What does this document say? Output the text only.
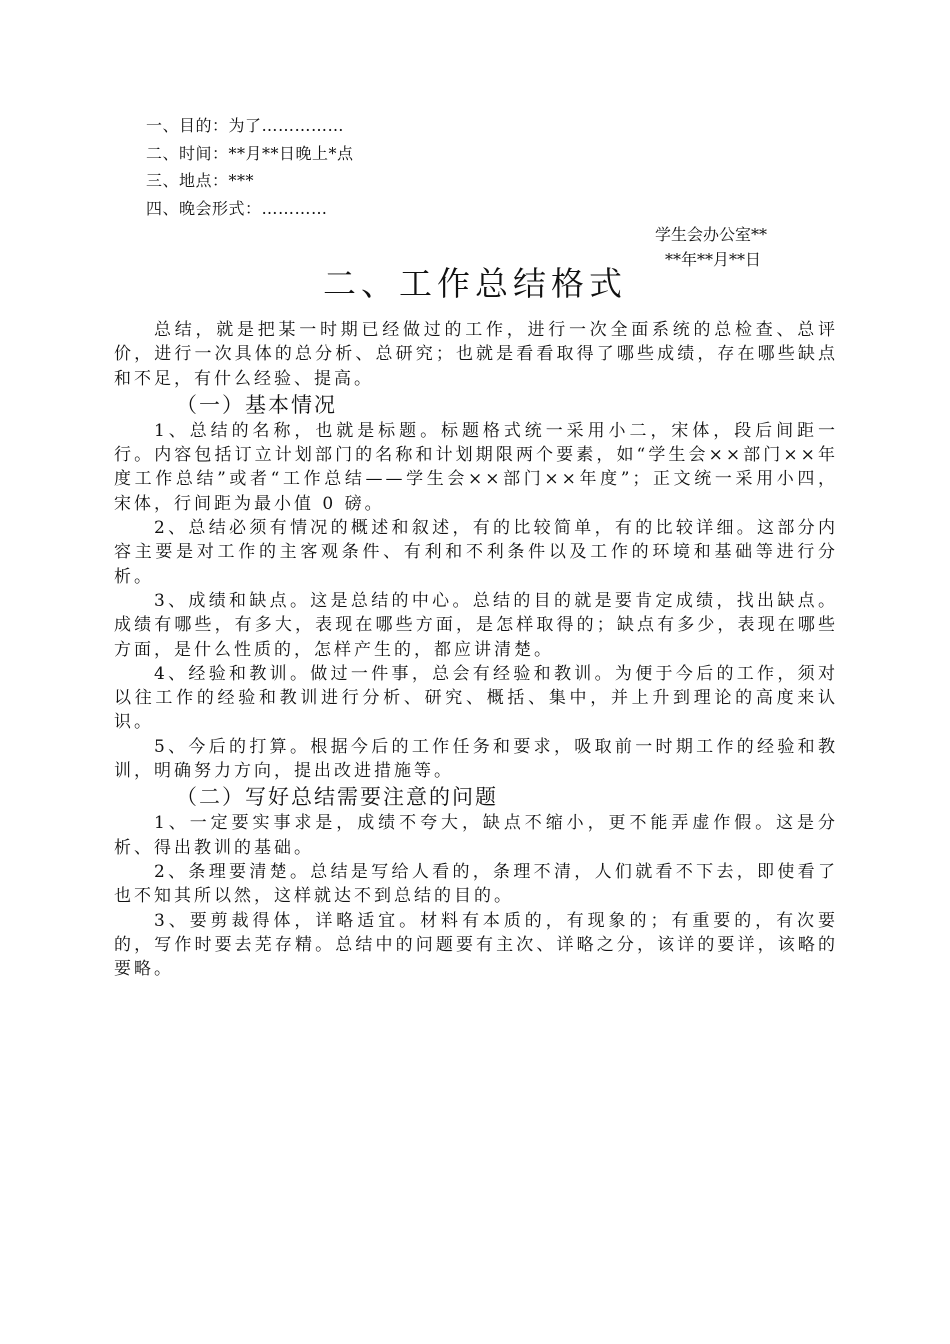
一、目的：为了……………
二、时间：**月**日晚上*点
三、地点：***
四、晚会形式：…………
学生会办公室**
**年**月**日
二、工作总结格式

总结，就是把某一时期已经做过的工作，进行一次全面系统的总检查、总评价，进行一次具体的总分析、总研究；也就是看看取得了哪些成绩，存在哪些缺点和不足，有什么经验、提高。

（一）基本情况

1、总结的名称，也就是标题。标题格式统一采用小二，宋体，段后间距一行。内容包括订立计划部门的名称和计划期限两个要素，如“学生会××部门××年度工作总结”或者“工作总结——学生会××部门××年度”；正文统一采用小四，宋体，行间距为最小值 0 磅。

2、总结必须有情况的概述和叙述，有的比较简单，有的比较详细。这部分内容主要是对工作的主客观条件、有利和不利条件以及工作的环境和基础等进行分析。

3、成绩和缺点。这是总结的中心。总结的目的就是要肯定成绩，找出缺点。成绩有哪些，有多大，表现在哪些方面，是怎样取得的；缺点有多少，表现在哪些方面，是什么性质的，怎样产生的，都应讲清楚。

4、经验和教训。做过一件事，总会有经验和教训。为便于今后的工作，须对以往工作的经验和教训进行分析、研究、概括、集中，并上升到理论的高度来认识。

5、今后的打算。根据今后的工作任务和要求，吸取前一时期工作的经验和教训，明确努力方向，提出改进措施等。

（二）写好总结需要注意的问题

1、一定要实事求是，成绩不夸大，缺点不缩小，更不能弄虚作假。这是分析、得出教训的基础。

2、条理要清楚。总结是写给人看的，条理不清，人们就看不下去，即使看了也不知其所以然，这样就达不到总结的目的。

3、要剪裁得体，详略适宜。材料有本质的，有现象的；有重要的，有次要的，写作时要去芜存精。总结中的问题要有主次、详略之分，该详的要详，该略的要略。
